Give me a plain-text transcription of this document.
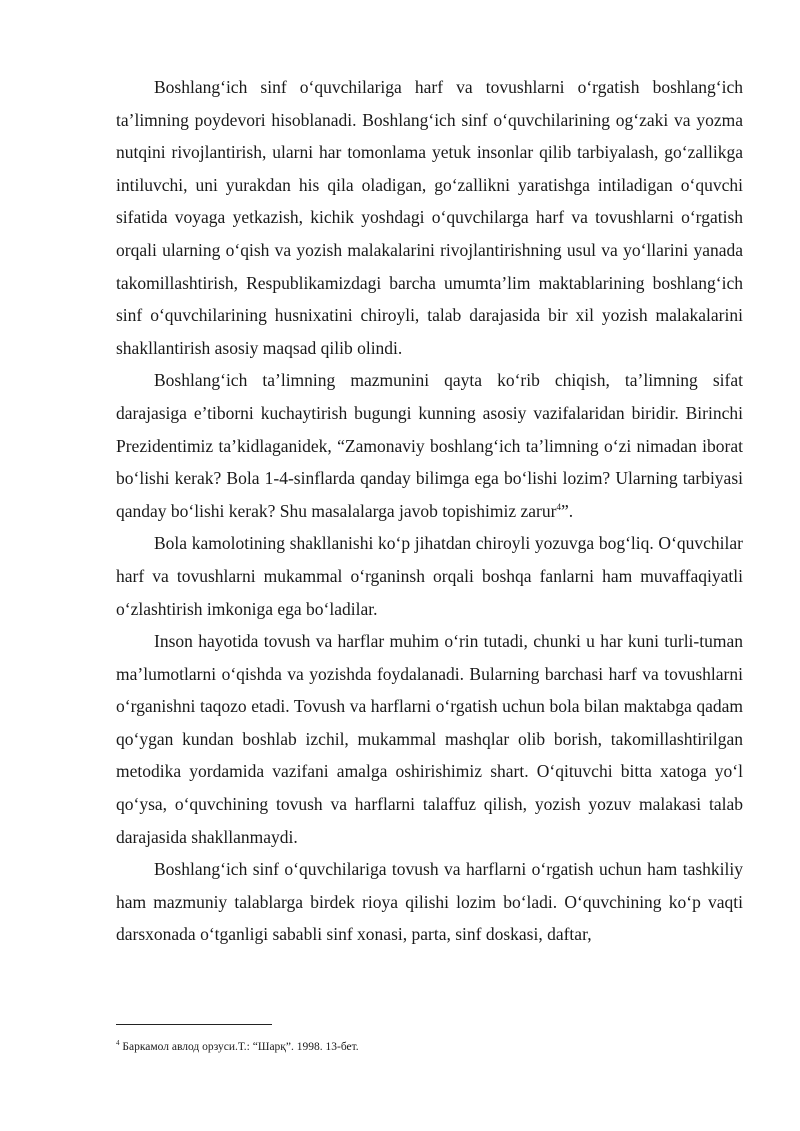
Boshlang‘ich sinf o‘quvchilariga harf va tovushlarni o‘rgatish boshlang‘ich ta’limning poydevori hisoblanadi. Boshlang‘ich sinf o‘quvchilarining og‘zaki va yozma nutqini rivojlantirish, ularni har tomonlama yetuk insonlar qilib tarbiyalash, go‘zallikga intiluvchi, uni yurakdan his qila oladigan, go‘zallikni yaratishga intiladigan o‘quvchi sifatida voyaga yetkazish, kichik yoshdagi o‘quvchilarga harf va tovushlarni o‘rgatish orqali ularning o‘qish va yozish malakalarini rivojlantirishning usul va yo‘llarini yanada takomillashtirish, Respublikamizdagi barcha umumta’lim maktablarining boshlang‘ich sinf o‘quvchilarining husnixatini chiroyli, talab darajasida bir xil yozish malakalarini shakllantirish asosiy maqsad qilib olindi.

Boshlang‘ich ta’limning mazmunini qayta ko‘rib chiqish, ta’limning sifat darajasiga e’tiborni kuchaytirish bugungi kunning asosiy vazifalaridan biridir. Birinchi Prezidentimiz ta’kidlaganidek, “Zamonaviy boshlang‘ich ta’limning o‘zi nimadan iborat bo‘lishi kerak? Bola 1-4-sinflarda qanday bilimga ega bo‘lishi lozim? Ularning tarbiyasi qanday bo‘lishi kerak? Shu masalalarga javob topishimiz zarur$^4$”.

Bola kamolotining shakllanishi ko‘p jihatdan chiroyli yozuvga bog‘liq. O‘quvchilar harf va tovushlarni mukammal o‘rganinsh orqali boshqa fanlarni ham muvaffaqiyatli o‘zlashtirish imkoniga ega bo‘ladilar.

Inson hayotida tovush va harflar muhim o‘rin tutadi, chunki u har kuni turli-tuman ma’lumotlarni o‘qishda va yozishda foydalanadi. Bularning barchasi harf va tovushlarni o‘rganishni taqozo etadi. Tovush va harflarni o‘rgatish uchun bola bilan maktabga qadam qo‘ygan kundan boshlab izchil, mukammal mashqlar olib borish, takomillashtirilgan metodika yordamida vazifani amalga oshirishimiz shart. O‘qituvchi bitta xatoga yo‘l qo‘ysa, o‘quvchining tovush va harflarni talaffuz qilish, yozish yozuv malakasi talab darajasida shakllanmaydi.

Boshlang‘ich sinf o‘quvchilariga tovush va harflarni o‘rgatish uchun ham tashkiliy ham mazmuniy talablarga birdek rioya qilishi lozim bo‘ladi. O‘quvchining ko‘p vaqti darsxonada o‘tganligi sababli sinf xonasi, parta, sinf doskasi, daftar,

$^4$ Баркамол авлод орзуси.Т.: “Шарқ”. 1998. 13-бет.
